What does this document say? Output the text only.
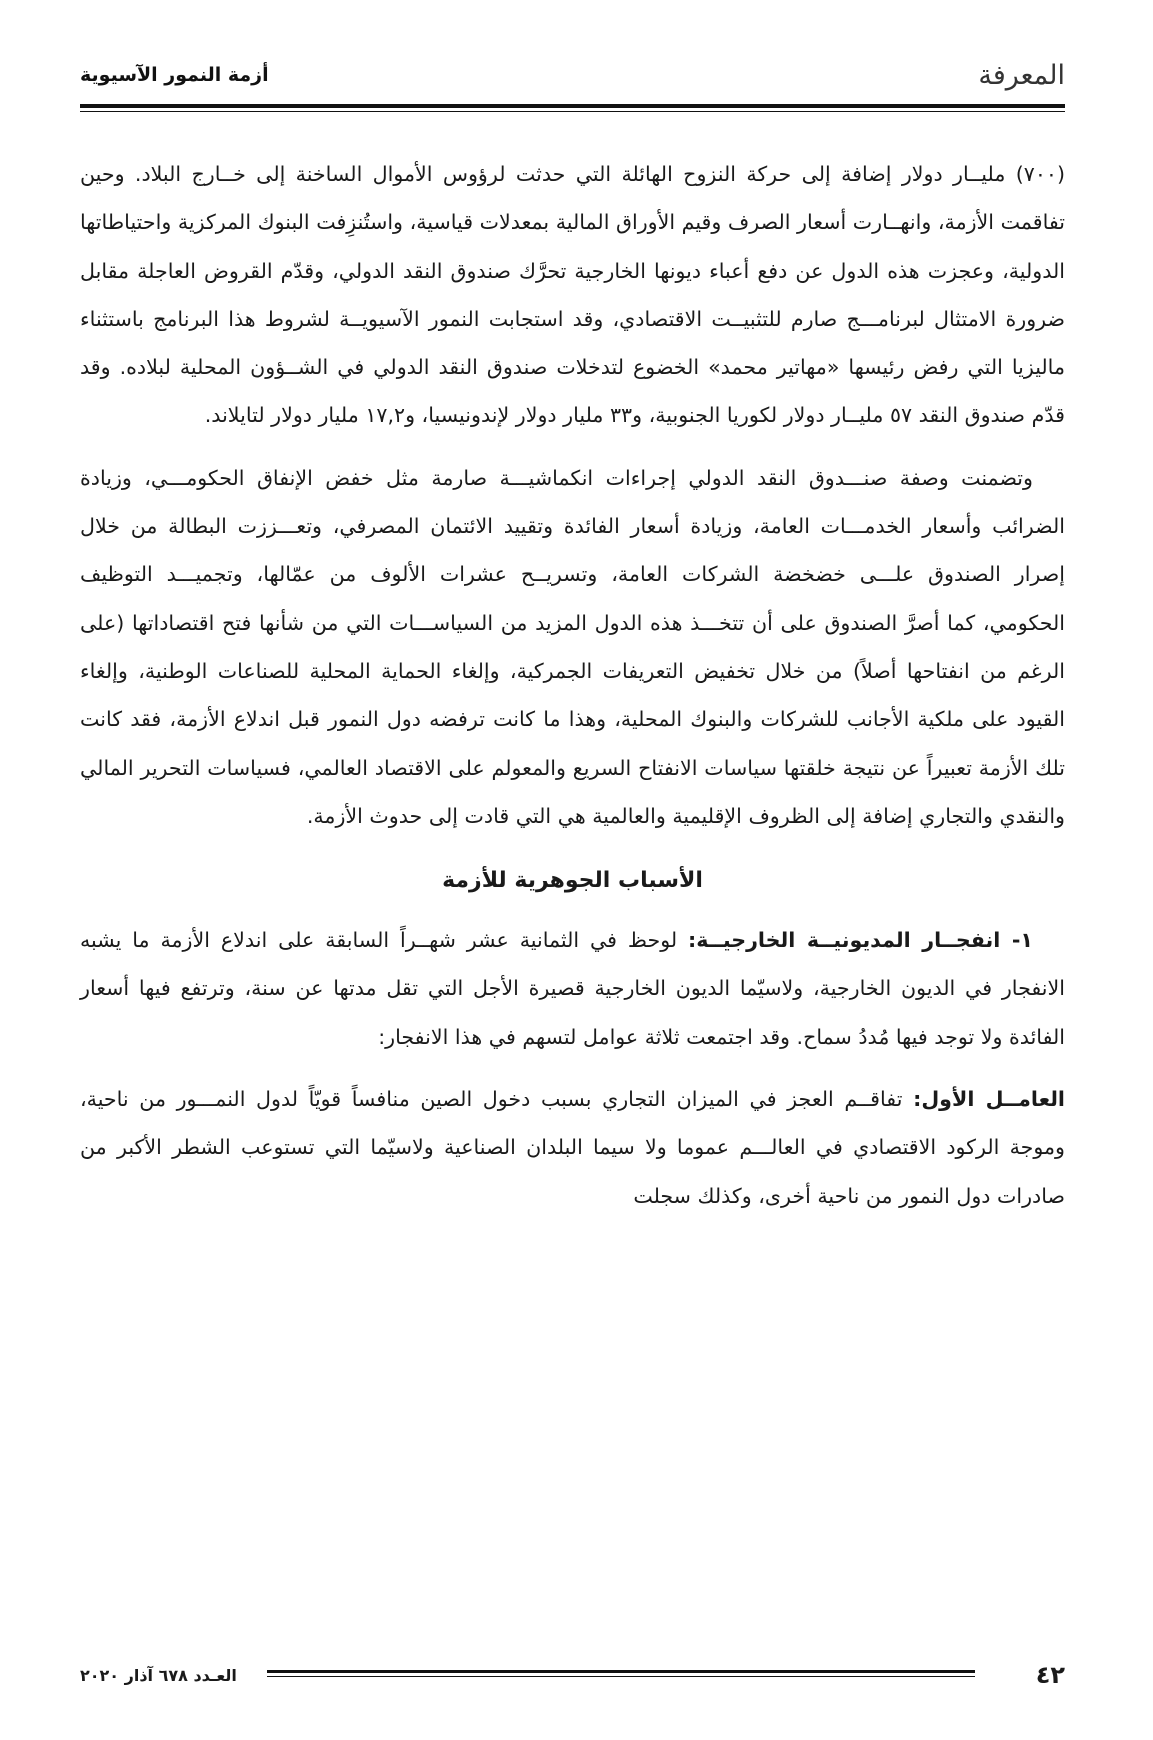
المعرفة
أزمة النمور الآسيوية

(٧٠٠) مليــار دولار إضافة إلى حركة النزوح الهائلة التي حدثت لرؤوس الأموال الساخنة إلى خــارج البلاد. وحين تفاقمت الأزمة، وانهــارت أسعار الصرف وقيم الأوراق المالية بمعدلات قياسية، واستُنزِفت البنوك المركزية واحتياطاتها الدولية، وعجزت هذه الدول عن دفع أعباء ديونها الخارجية تحرَّك صندوق النقد الدولي، وقدّم القروض العاجلة مقابل ضرورة الامتثال لبرنامـــج صارم للتثبيــت الاقتصادي، وقد استجابت النمور الآسيويــة لشروط هذا البرنامج باستثناء ماليزيا التي رفض رئيسها «مهاتير محمد» الخضوع لتدخلات صندوق النقد الدولي في الشــؤون المحلية لبلاده. وقد قدّم صندوق النقد ٥٧ مليــار دولار لكوريا الجنوبية، و٣٣ مليار دولار لإندونيسيا، و١٧,٢ مليار دولار لتايلاند.

وتضمنت وصفة صنـــدوق النقد الدولي إجراءات انكماشيـــة صارمة مثل خفض الإنفاق الحكومـــي، وزيادة الضرائب وأسعار الخدمـــات العامة، وزيادة أسعار الفائدة وتقييد الائتمان المصرفي، وتعـــززت البطالة من خلال إصرار الصندوق علـــى خضخضة الشركات العامة، وتسريــح عشرات الألوف من عمّالها، وتجميـــد التوظيف الحكومي، كما أصرَّ الصندوق على أن تتخـــذ هذه الدول المزيد من السياســـات التي من شأنها فتح اقتصاداتها (على الرغم من انفتاحها أصلاً) من خلال تخفيض التعريفات الجمركية، وإلغاء الحماية المحلية للصناعات الوطنية، وإلغاء القيود على ملكية الأجانب للشركات والبنوك المحلية، وهذا ما كانت ترفضه دول النمور قبل اندلاع الأزمة، فقد كانت تلك الأزمة تعبيراً عن نتيجة خلقتها سياسات الانفتاح السريع والمعولم على الاقتصاد العالمي، فسياسات التحرير المالي والنقدي والتجاري إضافة إلى الظروف الإقليمية والعالمية هي التي قادت إلى حدوث الأزمة.

الأسباب الجوهرية للأزمة

١- انفجــار المديونيــة الخارجيــة: لوحظ في الثمانية عشر شهــراً السابقة على اندلاع الأزمة ما يشبه الانفجار في الديون الخارجية، ولاسيّما الديون الخارجية قصيرة الأجل التي تقل مدتها عن سنة، وترتفع فيها أسعار الفائدة ولا توجد فيها مُددُ سماح. وقد اجتمعت ثلاثة عوامل لتسهم في هذا الانفجار:

العامــل الأول: تفاقــم العجز في الميزان التجاري بسبب دخول الصين منافساً قويّاً لدول النمـــور من ناحية، وموجة الركود الاقتصادي في العالـــم عموما ولا سيما البلدان الصناعية ولاسيّما التي تستوعب الشطر الأكبر من صادرات دول النمور من ناحية أخرى، وكذلك سجلت

٤٢
العـدد ٦٧٨ آذار ٢٠٢٠
